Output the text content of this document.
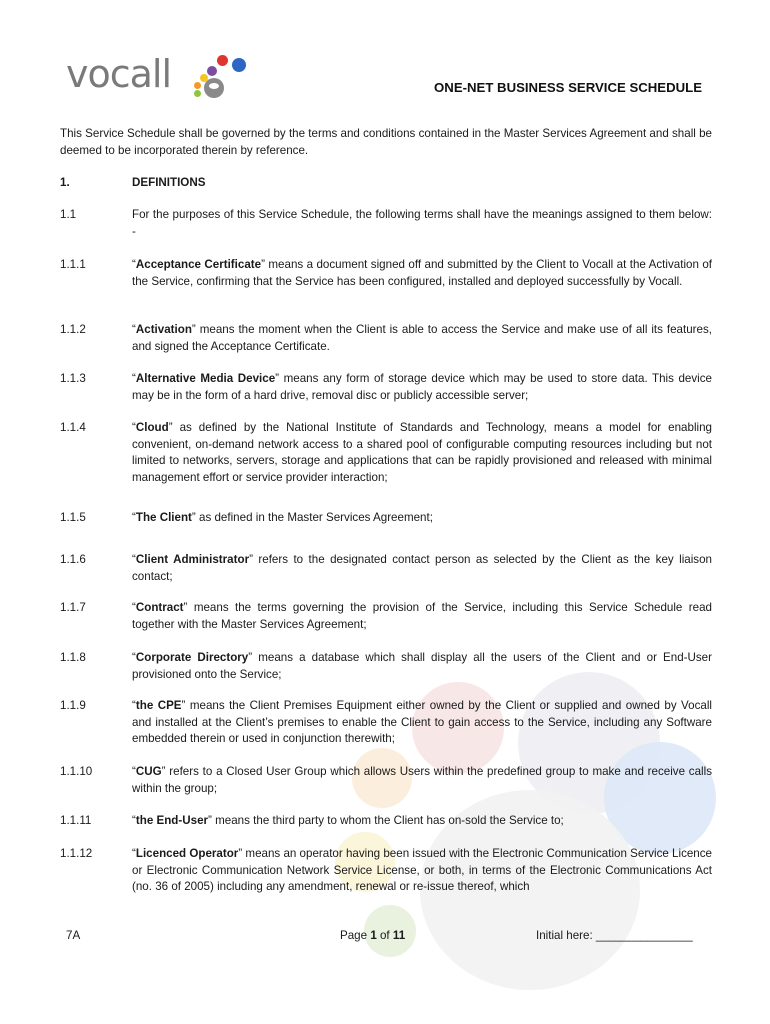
vocall	ONE-NET BUSINESS SERVICE SCHEDULE
This Service Schedule shall be governed by the terms and conditions contained in the Master Services Agreement and shall be deemed to be incorporated therein by reference.
1.	DEFINITIONS
1.1	For the purposes of this Service Schedule, the following terms shall have the meanings assigned to them below: -
1.1.1	“Acceptance Certificate” means a document signed off and submitted by the Client to Vocall at the Activation of the Service, confirming that the Service has been configured, installed and deployed successfully by Vocall.
1.1.2	“Activation” means the moment when the Client is able to access the Service and make use of all its features, and signed the Acceptance Certificate.
1.1.3	“Alternative Media Device” means any form of storage device which may be used to store data. This device may be in the form of a hard drive, removal disc or publicly accessible server;
1.1.4	“Cloud” as defined by the National Institute of Standards and Technology, means a model for enabling convenient, on-demand network access to a shared pool of configurable computing resources including but not limited to networks, servers, storage and applications that can be rapidly provisioned and released with minimal management effort or service provider interaction;
1.1.5	“The Client” as defined in the Master Services Agreement;
1.1.6	“Client Administrator” refers to the designated contact person as selected by the Client as the key liaison contact;
1.1.7	“Contract” means the terms governing the provision of the Service, including this Service Schedule read together with the Master Services Agreement;
1.1.8	“Corporate Directory” means a database which shall display all the users of the Client and or End-User provisioned onto the Service;
1.1.9	“the CPE” means the Client Premises Equipment either owned by the Client or supplied and owned by Vocall and installed at the Client’s premises to enable the Client to gain access to the Service, including any Software embedded therein or used in conjunction therewith;
1.1.10	“CUG” refers to a Closed User Group which allows Users within the predefined group to make and receive calls within the group;
1.1.11	“the End-User” means the third party to whom the Client has on-sold the Service to;
1.1.12	“Licenced Operator” means an operator having been issued with the Electronic Communication Service Licence or Electronic Communication Network Service License, or both, in terms of the Electronic Communications Act (no. 36 of 2005) including any amendment, renewal or re-issue thereof, which
7A	Page 1 of 11	Initial here: _______________
